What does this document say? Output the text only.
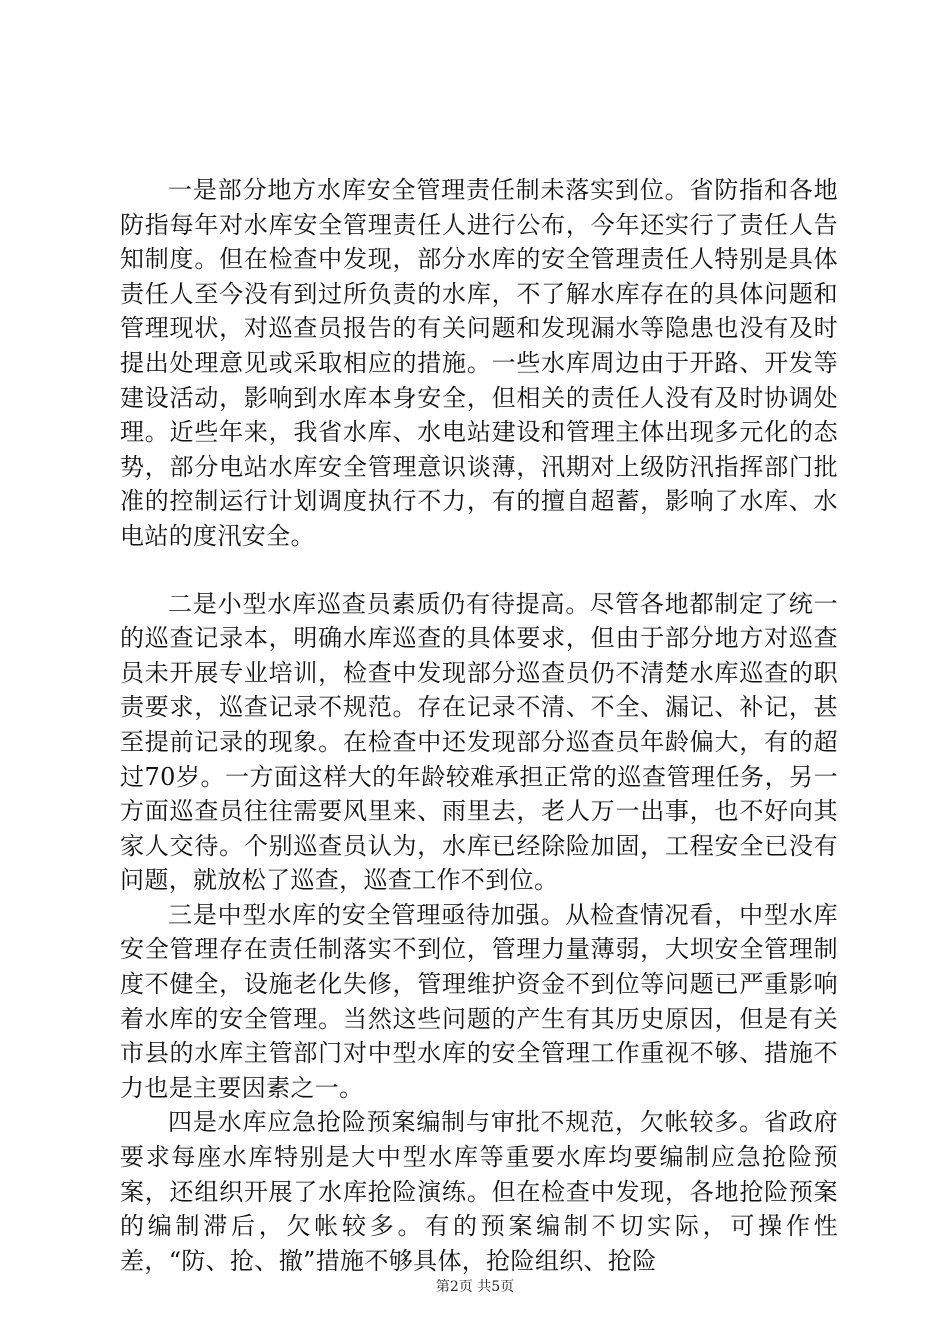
一是部分地方水库安全管理责任制未落实到位。省防指和各地防指每年对水库安全管理责任人进行公布，今年还实行了责任人告知制度。但在检查中发现，部分水库的安全管理责任人特别是具体责任人至今没有到过所负责的水库，不了解水库存在的具体问题和管理现状，对巡查员报告的有关问题和发现漏水等隐患也没有及时提出处理意见或采取相应的措施。一些水库周边由于开路、开发等建设活动，影响到水库本身安全，但相关的责任人没有及时协调处理。近些年来，我省水库、水电站建设和管理主体出现多元化的态势，部分电站水库安全管理意识谈薄，汛期对上级防汛指挥部门批准的控制运行计划调度执行不力，有的擅自超蓄，影响了水库、水电站的度汛安全。

二是小型水库巡查员素质仍有待提高。尽管各地都制定了统一的巡查记录本，明确水库巡查的具体要求，但由于部分地方对巡查员未开展专业培训，检查中发现部分巡查员仍不清楚水库巡查的职责要求，巡查记录不规范。存在记录不清、不全、漏记、补记，甚至提前记录的现象。在检查中还发现部分巡查员年龄偏大，有的超过70岁。一方面这样大的年龄较难承担正常的巡查管理任务，另一方面巡查员往往需要风里来、雨里去，老人万一出事，也不好向其家人交待。个别巡查员认为，水库已经除险加固，工程安全已没有问题，就放松了巡查，巡查工作不到位。

三是中型水库的安全管理亟待加强。从检查情况看，中型水库安全管理存在责任制落实不到位，管理力量薄弱，大坝安全管理制度不健全，设施老化失修，管理维护资金不到位等问题已严重影响着水库的安全管理。当然这些问题的产生有其历史原因，但是有关市县的水库主管部门对中型水库的安全管理工作重视不够、措施不力也是主要因素之一。

四是水库应急抢险预案编制与审批不规范，欠帐较多。省政府要求每座水库特别是大中型水库等重要水库均要编制应急抢险预案，还组织开展了水库抢险演练。但在检查中发现，各地抢险预案的编制滞后，欠帐较多。有的预案编制不切实际，可操作性差，“防、抢、撤”措施不够具体，抢险组织、抢险

第2页 共5页
